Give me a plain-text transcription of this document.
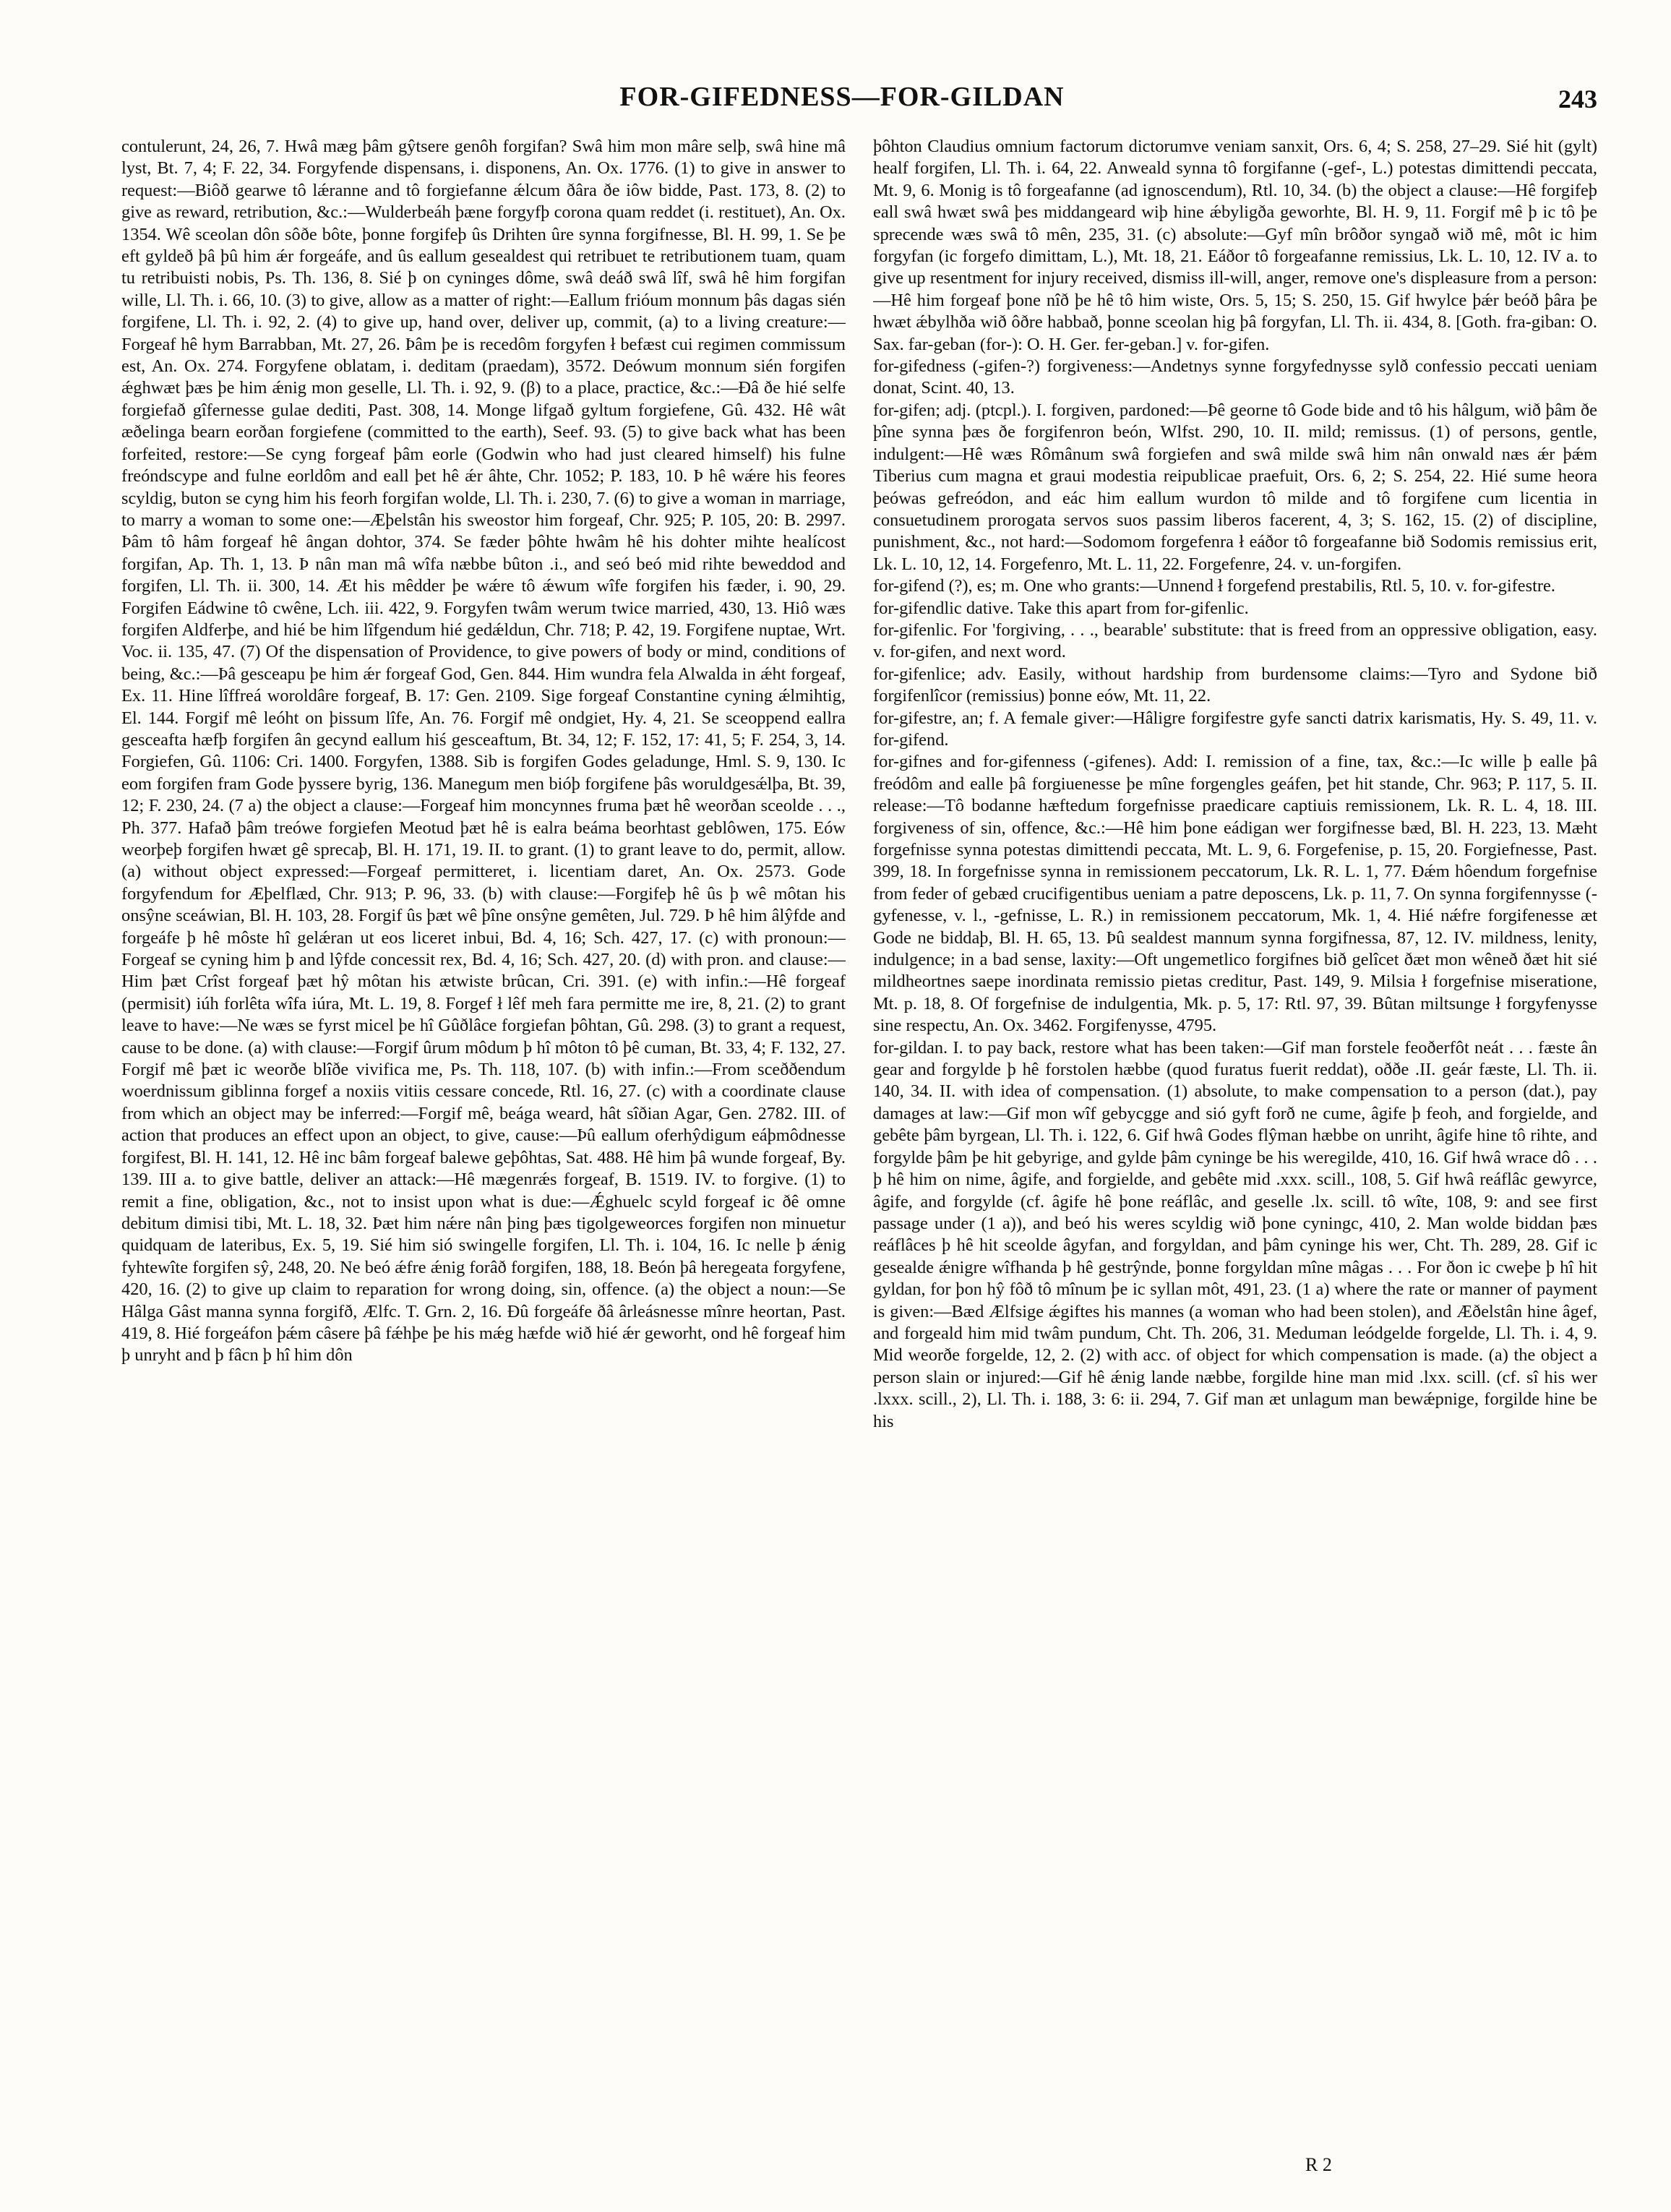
FOR-GIFEDNESS—FOR-GILDAN	243

contulerunt, 24, 26, 7. Hwâ mæg þâm gŷtsere genôh forgifan? Swâ him mon mâre selþ, swâ hine mâ lyst, Bt. 7, 4; F. 22, 34. Forgyfende dispensans, i. disponens, An. Ox. 1776. (1) to give in answer to request:—Biôð gearwe tô lǽranne and tô forgiefanne ǽlcum ðâra ðe iôw bidde, Past. 173, 8. (2) to give as reward, retribution, &c.:—Wulderbeáh þæne forgyfþ corona quam reddet (i. restituet), An. Ox. 1354. Wê sceolan dôn sôðe bôte, þonne forgifeþ ûs Drihten ûre synna forgifnesse, Bl. H. 99, 1. Se þe eft gyldeð þâ þû him ǽr forgeáfe, and ûs eallum gesealdest qui retribuet te retributionem tuam, quam tu retribuisti nobis, Ps. Th. 136, 8. Sié þ on cyninges dôme, swâ deáð swâ lîf, swâ hê him forgifan wille, Ll. Th. i. 66, 10. (3) to give, allow as a matter of right:—Eallum frióum monnum þâs dagas sién forgifene, Ll. Th. i. 92, 2. (4) to give up, hand over, deliver up, commit, (a) to a living creature:—Forgeaf hê hym Barrabban, Mt. 27, 26. Þâm þe is recedôm forgyfen ł befæst cui regimen commissum est, An. Ox. 274. Forgyfene oblatam, i. deditam (praedam), 3572. Deówum monnum sién forgifen ǽghwæt þæs þe him ǽnig mon geselle, Ll. Th. i. 92, 9. (β) to a place, practice, &c.:—Ðâ ðe hié selfe forgiefað gîfernesse gulae dediti, Past. 308, 14. Monge lifgað gyltum forgiefene, Gû. 432. Hê wât æðelinga bearn eorðan forgiefene (committed to the earth), Seef. 93. (5) to give back what has been forfeited, restore:—Se cyng forgeaf þâm eorle (Godwin who had just cleared himself) his fulne freóndscype and fulne eorldôm and eall þet hê ǽr âhte, Chr. 1052; P. 183, 10. Þ hê wǽre his feores scyldig, buton se cyng him his feorh forgifan wolde, Ll. Th. i. 230, 7. (6) to give a woman in marriage, to marry a woman to some one:—Æþelstân his sweostor him forgeaf, Chr. 925; P. 105, 20: B. 2997. Þâm tô hâm forgeaf hê ângan dohtor, 374. Se fæder þôhte hwâm hê his dohter mihte healícost forgifan, Ap. Th. 1, 13. Þ nân man mâ wîfa næbbe bûton .i., and seó beó mid rihte beweddod and forgifen, Ll. Th. ii. 300, 14. Æt his mêdder þe wǽre tô ǽwum wîfe forgifen his fæder, i. 90, 29. Forgifen Eádwine tô cwêne, Lch. iii. 422, 9. Forgyfen twâm werum twice married, 430, 13. Hiô wæs forgifen Aldferþe, and hié be him lîfgendum hié gedǽldun, Chr. 718; P. 42, 19. Forgifene nuptae, Wrt. Voc. ii. 135, 47. (7) Of the dispensation of Providence, to give powers of body or mind, conditions of being, &c.:—Þâ gesceapu þe him ǽr forgeaf God, Gen. 844. Him wundra fela Alwalda in ǽht forgeaf, Ex. 11. Hine lîffreá woroldâre forgeaf, B. 17: Gen. 2109. Sige forgeaf Constantine cyning ǽlmihtig, El. 144. Forgif mê leóht on þissum lîfe, An. 76. Forgif mê ondgiet, Hy. 4, 21. Se sceoppend eallra gesceafta hæfþ forgifen ân gecynd eallum hiś gesceaftum, Bt. 34, 12; F. 152, 17: 41, 5; F. 254, 3, 14. Forgiefen, Gû. 1106: Cri. 1400. Forgyfen, 1388. Sib is forgifen Godes geladunge, Hml. S. 9, 130. Ic eom forgifen fram Gode þyssere byrig, 136. Manegum men bióþ forgifene þâs woruldgesǽlþa, Bt. 39, 12; F. 230, 24. (7 a) the object a clause:—Forgeaf him moncynnes fruma þæt hê weorðan sceolde . . ., Ph. 377. Hafað þâm treówe forgiefen Meotud þæt hê is ealra beáma beorhtast geblôwen, 175. Eów weorþeþ forgifen hwæt gê sprecaþ, Bl. H. 171, 19. II. to grant. (1) to grant leave to do, permit, allow. (a) without object expressed:—Forgeaf permitteret, i. licentiam daret, An. Ox. 2573. Gode forgyfendum for Æþelflæd, Chr. 913; P. 96, 33. (b) with clause:—Forgifeþ hê ûs þ wê môtan his onsŷne sceáwian, Bl. H. 103, 28. Forgif ûs þæt wê þîne onsŷne gemêten, Jul. 729. Þ hê him âlŷfde and forgeáfe þ hê môste hî gelǽran ut eos liceret inbui, Bd. 4, 16; Sch. 427, 17. (c) with pronoun:—Forgeaf se cyning him þ and lŷfde concessit rex, Bd. 4, 16; Sch. 427, 20. (d) with pron. and clause:—Him þæt Crîst forgeaf þæt hŷ môtan his ætwiste brûcan, Cri. 391. (e) with infin.:—Hê forgeaf (permisit) iúh forlêta wîfa iúra, Mt. L. 19, 8. Forgef ł lêf meh fara permitte me ire, 8, 21. (2) to grant leave to have:—Ne wæs se fyrst micel þe hî Gûðlâce forgiefan þôhtan, Gû. 298. (3) to grant a request, cause to be done. (a) with clause:—Forgif ûrum môdum þ hî môton tô þê cuman, Bt. 33, 4; F. 132, 27. Forgif mê þæt ic weorðe blîðe vivifica me, Ps. Th. 118, 107. (b) with infin.:—From sceððendum woerdnissum giblinna forgef a noxiis vitiis cessare concede, Rtl. 16, 27. (c) with a coordinate clause from which an object may be inferred:—Forgif mê, beága weard, hât sîðian Agar, Gen. 2782. III. of action that produces an effect upon an object, to give, cause:—Þû eallum oferhŷdigum eáþmôdnesse forgifest, Bl. H. 141, 12. Hê inc bâm forgeaf balewe geþôhtas, Sat. 488. Hê him þâ wunde forgeaf, By. 139. III a. to give battle, deliver an attack:—Hê mægenrǽs forgeaf, B. 1519. IV. to forgive. (1) to remit a fine, obligation, &c., not to insist upon what is due:—Ǽghuelc scyld forgeaf ic ðê omne debitum dimisi tibi, Mt. L. 18, 32. Þæt him nǽre nân þing þæs tigolgeweorces forgifen non minuetur quidquam de lateribus, Ex. 5, 19. Sié him sió swingelle forgifen, Ll. Th. i. 104, 16. Ic nelle þ ǽnig fyhtewîte forgifen sŷ, 248, 20. Ne beó ǽfre ǽnig forâð forgifen, 188, 18. Beón þâ heregeata forgyfene, 420, 16. (2) to give up claim to reparation for wrong doing, sin, offence. (a) the object a noun:—Se Hâlga Gâst manna synna forgifð, Ælfc. T. Grn. 2, 16. Ðû forgeáfe ðâ ârleásnesse mînre heortan, Past. 419, 8. Hié forgeáfon þǽm câsere þâ fǽhþe þe his mǽg hæfde wið hié ǽr geworht, ond hê forgeaf him þ unryht and þ fâcn þ hî him dôn

þôhton Claudius omnium factorum dictorumve veniam sanxit, Ors. 6, 4; S. 258, 27–29. Sié hit (gylt) healf forgifen, Ll. Th. i. 64, 22. Anweald synna tô forgifanne (-gef-, L.) potestas dimittendi peccata, Mt. 9, 6. Monig is tô forgeafanne (ad ignoscendum), Rtl. 10, 34. (b) the object a clause:—Hê forgifeþ eall swâ hwæt swâ þes middangeard wiþ hine ǽbyligða geworhte, Bl. H. 9, 11. Forgif mê þ ic tô þe sprecende wæs swâ tô mên, 235, 31. (c) absolute:—Gyf mîn brôðor syngað wið mê, môt ic him forgyfan (ic forgefo dimittam, L.), Mt. 18, 21. Eáðor tô forgeafanne remissius, Lk. L. 10, 12. IV a. to give up resentment for injury received, dismiss ill-will, anger, remove one's displeasure from a person:—Hê him forgeaf þone nîð þe hê tô him wiste, Ors. 5, 15; S. 250, 15. Gif hwylce þǽr beóð þâra þe hwæt ǽbylhða wið ôðre habbað, þonne sceolan hig þâ forgyfan, Ll. Th. ii. 434, 8. [Goth. fra-giban: O. Sax. far-geban (for-): O. H. Ger. fer-geban.] v. for-gifen.

for-gifedness (-gifen-?) forgiveness:—Andetnys synne forgyfednysse sylð confessio peccati ueniam donat, Scint. 40, 13.

for-gifen; adj. (ptcpl.). I. forgiven, pardoned:—Þê georne tô Gode bide and tô his hâlgum, wið þâm ðe þîne synna þæs ðe forgifenron beón, Wlfst. 290, 10. II. mild; remissus. (1) of persons, gentle, indulgent:—Hê wæs Rômânum swâ forgiefen and swâ milde swâ him nân onwald næs ǽr þǽm Tiberius cum magna et graui modestia reipublicae praefuit, Ors. 6, 2; S. 254, 22. Hié sume heora þeówas gefreódon, and eác him eallum wurdon tô milde and tô forgifene cum licentia in consuetudinem prorogata servos suos passim liberos facerent, 4, 3; S. 162, 15. (2) of discipline, punishment, &c., not hard:—Sodomom forgefenra ł eáðor tô forgeafanne bið Sodomis remissius erit, Lk. L. 10, 12, 14. Forgefenro, Mt. L. 11, 22. Forgefenre, 24. v. un-forgifen.

for-gifend (?), es; m. One who grants:—Unnend ł forgefend prestabilis, Rtl. 5, 10. v. for-gifestre.

for-gifendlic dative. Take this apart from for-gifenlic.

for-gifenlic. For 'forgiving, . . ., bearable' substitute: that is freed from an oppressive obligation, easy. v. for-gifen, and next word.

for-gifenlice; adv. Easily, without hardship from burdensome claims:—Tyro and Sydone bið forgifenlîcor (remissius) þonne eów, Mt. 11, 22.

for-gifestre, an; f. A female giver:—Hâligre forgifestre gyfe sancti datrix karismatis, Hy. S. 49, 11. v. for-gifend.

for-gifnes and for-gifenness (-gifenes). Add: I. remission of a fine, tax, &c.:—Ic wille þ ealle þâ freódôm and ealle þâ forgiuenesse þe mîne forgengles geáfen, þet hit stande, Chr. 963; P. 117, 5. II. release:—Tô bodanne hæftedum forgefnisse praedicare captiuis remissionem, Lk. R. L. 4, 18. III. forgiveness of sin, offence, &c.:—Hê him þone eádigan wer forgifnesse bæd, Bl. H. 223, 13. Mæht forgefnisse synna potestas dimittendi peccata, Mt. L. 9, 6. Forgefenise, p. 15, 20. Forgiefnesse, Past. 399, 18. In forgefnisse synna in remissionem peccatorum, Lk. R. L. 1, 77. Ðǽm hôendum forgefnise from feder of gebæd crucifigentibus ueniam a patre deposcens, Lk. p. 11, 7. On synna forgifennysse (-gyfenesse, v. l., -gefnisse, L. R.) in remissionem peccatorum, Mk. 1, 4. Hié nǽfre forgifenesse æt Gode ne biddaþ, Bl. H. 65, 13. Þû sealdest mannum synna forgifnessa, 87, 12. IV. mildness, lenity, indulgence; in a bad sense, laxity:—Oft ungemetlico forgifnes bið gelîcet ðæt mon wêneð ðæt hit sié mildheortnes saepe inordinata remissio pietas creditur, Past. 149, 9. Milsia ł forgefnise miseratione, Mt. p. 18, 8. Of forgefnise de indulgentia, Mk. p. 5, 17: Rtl. 97, 39. Bûtan miltsunge ł forgyfenysse sine respectu, An. Ox. 3462. Forgifenysse, 4795.

for-gildan. I. to pay back, restore what has been taken:—Gif man forstele feoðerfôt neát . . . fæste ân gear and forgylde þ hê forstolen hæbbe (quod furatus fuerit reddat), oððe .II. geár fæste, Ll. Th. ii. 140, 34. II. with idea of compensation. (1) absolute, to make compensation to a person (dat.), pay damages at law:—Gif mon wîf gebycgge and sió gyft forð ne cume, âgife þ feoh, and forgielde, and gebête þâm byrgean, Ll. Th. i. 122, 6. Gif hwâ Godes flŷman hæbbe on unriht, âgife hine tô rihte, and forgylde þâm þe hit gebyrige, and gylde þâm cyninge be his weregilde, 410, 16. Gif hwâ wrace dô . . . þ hê him on nime, âgife, and forgielde, and gebête mid .xxx. scill., 108, 5. Gif hwâ reáflâc gewyrce, âgife, and forgylde (cf. âgife hê þone reáflâc, and geselle .lx. scill. tô wîte, 108, 9: and see first passage under (1 a)), and beó his weres scyldig wið þone cyningc, 410, 2. Man wolde biddan þæs reáflâces þ hê hit sceolde âgyfan, and forgyldan, and þâm cyninge his wer, Cht. Th. 289, 28. Gif ic gesealde ǽnigre wîfhanda þ hê gestrŷnde, þonne forgyldan mîne mâgas . . . For ðon ic cweþe þ hî hit gyldan, for þon hŷ fôð tô mînum þe ic syllan môt, 491, 23. (1 a) where the rate or manner of payment is given:—Bæd Ælfsige ǽgiftes his mannes (a woman who had been stolen), and Æðelstân hine âgef, and forgeald him mid twâm pundum, Cht. Th. 206, 31. Meduman leódgelde forgelde, Ll. Th. i. 4, 9. Mid weorðe forgelde, 12, 2. (2) with acc. of object for which compensation is made. (a) the object a person slain or injured:—Gif hê ǽnig lande næbbe, forgilde hine man mid .lxx. scill. (cf. sî his wer .lxxx. scill., 2), Ll. Th. i. 188, 3: 6: ii. 294, 7. Gif man æt unlagum man bewǽpnige, forgilde hine be his

R 2
